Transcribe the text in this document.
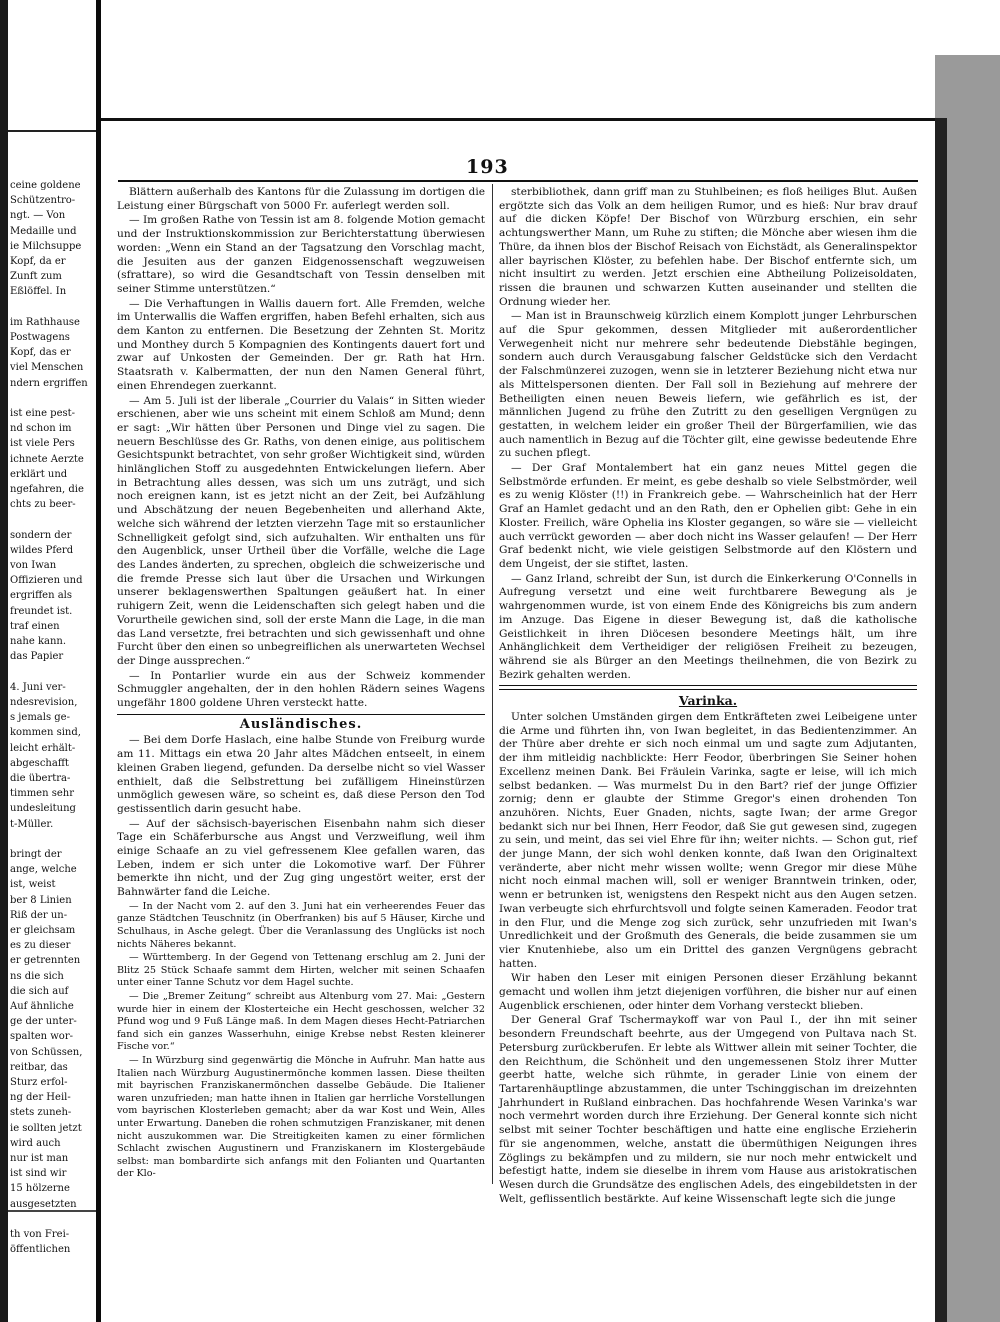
ceine goldene
Schützentro-
ngt. — Von
Medaille und
ie Milchsuppe
Kopf, da er
Zunft zum
Eßlöffel. In

im Rathhause
Postwagens
Kopf, das er
viel Menschen
ndern ergriffen

ist eine pest-
nd schon im
ist viele Pers
ichnete Aerzte
erklärt und
ngefahren, die
chts zu beer-

sondern der
wildes Pferd
von Iwan
Offizieren und
ergriffen als
freundet ist.
traf einen
nahe kann.
das Papier

4. Juni ver-
ndesrevision,
s jemals ge-
kommen sind,
leicht erhält-
abgeschafft
die übertra-
timmen sehr
undesleitung
t-Müller.

bringt der
ange, welche
ist, weist
ber 8 Linien
Riß der un-
er gleichsam
es zu dieser
er getrennten
ns die sich
die sich auf
Auf ähnliche
ge der unter-
spalten wor-
von Schüssen,
reitbar, das
Sturz erfol-
ng der Heil-
stets zuneh-
ie sollten jetzt
wird auch
nur ist man
ist sind wir
15 hölzerne
ausgesetzten

th von Frei-
öffentlichen
193

Blättern außerhalb des Kantons für die Zulassung im dortigen die Leistung einer Bürgschaft von 5000 Fr. auferlegt werden soll.

— Im großen Rathe von Tessin ist am 8. folgende Motion gemacht und der Instruktionskommission zur Berichterstattung überwiesen worden: „Wenn ein Stand an der Tagsatzung den Vorschlag macht, die Jesuiten aus der ganzen Eidgenossenschaft wegzuweisen (sfrattare), so wird die Gesandtschaft von Tessin denselben mit seiner Stimme unterstützen.“

— Die Verhaftungen in Wallis dauern fort. Alle Fremden, welche im Unterwallis die Waffen ergriffen, haben Befehl erhalten, sich aus dem Kanton zu entfernen. Die Besetzung der Zehnten St. Moritz und Monthey durch 5 Kompagnien des Kontingents dauert fort und zwar auf Unkosten der Gemeinden. Der gr. Rath hat Hrn. Staatsrath v. Kalbermatten, der nun den Namen General führt, einen Ehrendegen zuerkannt.

— Am 5. Juli ist der liberale „Courrier du Valais“ in Sitten wieder erschienen, aber wie uns scheint mit einem Schloß am Mund; denn er sagt: „Wir hätten über Personen und Dinge viel zu sagen. Die neuern Beschlüsse des Gr. Raths, von denen einige, aus politischem Gesichtspunkt betrachtet, von sehr großer Wichtigkeit sind, würden hinlänglichen Stoff zu ausgedehnten Entwickelungen liefern. Aber in Betrachtung alles dessen, was sich um uns zuträgt, und sich noch ereignen kann, ist es jetzt nicht an der Zeit, bei Aufzählung und Abschätzung der neuen Begebenheiten und allerhand Akte, welche sich während der letzten vierzehn Tage mit so erstaunlicher Schnelligkeit gefolgt sind, sich aufzuhalten. Wir enthalten uns für den Augenblick, unser Urtheil über die Vorfälle, welche die Lage des Landes änderten, zu sprechen, obgleich die schweizerische und die fremde Presse sich laut über die Ursachen und Wirkungen unserer beklagenswerthen Spaltungen geäußert hat. In einer ruhigern Zeit, wenn die Leidenschaften sich gelegt haben und die Vorurtheile gewichen sind, soll der erste Mann die Lage, in die man das Land versetzte, frei betrachten und sich gewissenhaft und ohne Furcht über den einen so unbegreiflichen als unerwarteten Wechsel der Dinge aussprechen.“

— In Pontarlier wurde ein aus der Schweiz kommender Schmuggler angehalten, der in den hohlen Rädern seines Wagens ungefähr 1800 goldene Uhren versteckt hatte.

Ausländisches.

— Bei dem Dorfe Haslach, eine halbe Stunde von Freiburg wurde am 11. Mittags ein etwa 20 Jahr altes Mädchen entseelt, in einem kleinen Graben liegend, gefunden. Da derselbe nicht so viel Wasser enthielt, daß die Selbstrettung bei zufälligem Hineinstürzen unmöglich gewesen wäre, so scheint es, daß diese Person den Tod gestissentlich darin gesucht habe.

— Auf der sächsisch-bayerischen Eisenbahn nahm sich dieser Tage ein Schäferbursche aus Angst und Verzweiflung, weil ihm einige Schaafe an zu viel gefressenem Klee gefallen waren, das Leben, indem er sich unter die Lokomotive warf. Der Führer bemerkte ihn nicht, und der Zug ging ungestört weiter, erst der Bahnwärter fand die Leiche.

— In der Nacht vom 2. auf den 3. Juni hat ein verheerendes Feuer das ganze Städtchen Teuschnitz (in Oberfranken) bis auf 5 Häuser, Kirche und Schulhaus, in Asche gelegt. Über die Veranlassung des Unglücks ist noch nichts Näheres bekannt.

— Württemberg. In der Gegend von Tettenang erschlug am 2. Juni der Blitz 25 Stück Schaafe sammt dem Hirten, welcher mit seinen Schaafen unter einer Tanne Schutz vor dem Hagel suchte.

— Die „Bremer Zeitung“ schreibt aus Altenburg vom 27. Mai: „Gestern wurde hier in einem der Klosterteiche ein Hecht geschossen, welcher 32 Pfund wog und 9 Fuß Länge maß. In dem Magen dieses Hecht-Patriarchen fand sich ein ganzes Wasserhuhn, einige Krebse nebst Resten kleinerer Fische vor.“

— In Würzburg sind gegenwärtig die Mönche in Aufruhr. Man hatte aus Italien nach Würzburg Augustinermönche kommen lassen. Diese theilten mit bayrischen Franziskanermönchen dasselbe Gebäude. Die Italiener waren unzufrieden; man hatte ihnen in Italien gar herrliche Vorstellungen vom bayrischen Klosterleben gemacht; aber da war Kost und Wein, Alles unter Erwartung. Daneben die rohen schmutzigen Franziskaner, mit denen nicht auszukommen war. Die Streitigkeiten kamen zu einer förmlichen Schlacht zwischen Augustinern und Franziskanern im Klostergebäude selbst: man bombardirte sich anfangs mit den Folianten und Quartanten der Klo-

sterbibliothek, dann griff man zu Stuhlbeinen; es floß heiliges Blut. Außen ergötzte sich das Volk an dem heiligen Rumor, und es hieß: Nur brav drauf auf die dicken Köpfe! Der Bischof von Würzburg erschien, ein sehr achtungswerther Mann, um Ruhe zu stiften; die Mönche aber wiesen ihm die Thüre, da ihnen blos der Bischof Reisach von Eichstädt, als Generalinspektor aller bayrischen Klöster, zu befehlen habe. Der Bischof entfernte sich, um nicht insultirt zu werden. Jetzt erschien eine Abtheilung Polizeisoldaten, rissen die braunen und schwarzen Kutten auseinander und stellten die Ordnung wieder her.

— Man ist in Braunschweig kürzlich einem Komplott junger Lehrburschen auf die Spur gekommen, dessen Mitglieder mit außerordentlicher Verwegenheit nicht nur mehrere sehr bedeutende Diebstähle begingen, sondern auch durch Verausgabung falscher Geldstücke sich den Verdacht der Falschmünzerei zuzogen, wenn sie in letzterer Beziehung nicht etwa nur als Mittelspersonen dienten. Der Fall soll in Beziehung auf mehrere der Betheiligten einen neuen Beweis liefern, wie gefährlich es ist, der männlichen Jugend zu frühe den Zutritt zu den geselligen Vergnügen zu gestatten, in welchem leider ein großer Theil der Bürgerfamilien, wie das auch namentlich in Bezug auf die Töchter gilt, eine gewisse bedeutende Ehre zu suchen pflegt.

— Der Graf Montalembert hat ein ganz neues Mittel gegen die Selbstmörde erfunden. Er meint, es gebe deshalb so viele Selbstmörder, weil es zu wenig Klöster (!!) in Frankreich gebe. — Wahrscheinlich hat der Herr Graf an Hamlet gedacht und an den Rath, den er Ophelien gibt: Gehe in ein Kloster. Freilich, wäre Ophelia ins Kloster gegangen, so wäre sie — vielleicht auch verrückt geworden — aber doch nicht ins Wasser gelaufen! — Der Herr Graf bedenkt nicht, wie viele geistigen Selbstmorde auf den Klöstern und dem Ungeist, der sie stiftet, lasten.

— Ganz Irland, schreibt der Sun, ist durch die Einkerkerung O'Connells in Aufregung versetzt und eine weit furchtbarere Bewegung als je wahrgenommen wurde, ist von einem Ende des Königreichs bis zum andern im Anzuge. Das Eigene in dieser Bewegung ist, daß die katholische Geistlichkeit in ihren Diöcesen besondere Meetings hält, um ihre Anhänglichkeit dem Vertheidiger der religiösen Freiheit zu bezeugen, während sie als Bürger an den Meetings theilnehmen, die von Bezirk zu Bezirk gehalten werden.

Varinka.

Unter solchen Umständen girgen dem Entkräfteten zwei Leibeigene unter die Arme und führten ihn, von Iwan begleitet, in das Bedientenzimmer. An der Thüre aber drehte er sich noch einmal um und sagte zum Adjutanten, der ihm mitleidig nachblickte: Herr Feodor, überbringen Sie Seiner hohen Excellenz meinen Dank. Bei Fräulein Varinka, sagte er leise, will ich mich selbst bedanken. — Was murmelst Du in den Bart? rief der junge Offizier zornig; denn er glaubte der Stimme Gregor's einen drohenden Ton anzuhören. Nichts, Euer Gnaden, nichts, sagte Iwan; der arme Gregor bedankt sich nur bei Ihnen, Herr Feodor, daß Sie gut gewesen sind, zugegen zu sein, und meint, das sei viel Ehre für ihn; weiter nichts. — Schon gut, rief der junge Mann, der sich wohl denken konnte, daß Iwan den Originaltext veränderte, aber nicht mehr wissen wollte; wenn Gregor mir diese Mühe nicht noch einmal machen will, soll er weniger Branntwein trinken, oder, wenn er betrunken ist, wenigstens den Respekt nicht aus den Augen setzen. Iwan verbeugte sich ehrfurchtsvoll und folgte seinen Kameraden. Feodor trat in den Flur, und die Menge zog sich zurück, sehr unzufrieden mit Iwan's Unredlichkeit und der Großmuth des Generals, die beide zusammen sie um vier Knutenhiebe, also um ein Drittel des ganzen Vergnügens gebracht hatten.

Wir haben den Leser mit einigen Personen dieser Erzählung bekannt gemacht und wollen ihm jetzt diejenigen vorführen, die bisher nur auf einen Augenblick erschienen, oder hinter dem Vorhang versteckt blieben.

Der General Graf Tschermaykoff war von Paul I., der ihn mit seiner besondern Freundschaft beehrte, aus der Umgegend von Pultava nach St. Petersburg zurückberufen. Er lebte als Wittwer allein mit seiner Tochter, die den Reichthum, die Schönheit und den ungemessenen Stolz ihrer Mutter geerbt hatte, welche sich rühmte, in gerader Linie von einem der Tartarenhäuptlinge abzustammen, die unter Tschinggischan im dreizehnten Jahrhundert in Rußland einbrachen. Das hochfahrende Wesen Varinka's war noch vermehrt worden durch ihre Erziehung. Der General konnte sich nicht selbst mit seiner Tochter beschäftigen und hatte eine englische Erzieherin für sie angenommen, welche, anstatt die übermüthigen Neigungen ihres Zöglings zu bekämpfen und zu mildern, sie nur noch mehr entwickelt und befestigt hatte, indem sie dieselbe in ihrem vom Hause aus aristokratischen Wesen durch die Grundsätze des englischen Adels, des eingebildetsten in der Welt, geflissentlich bestärkte. Auf keine Wissenschaft legte sich die junge
